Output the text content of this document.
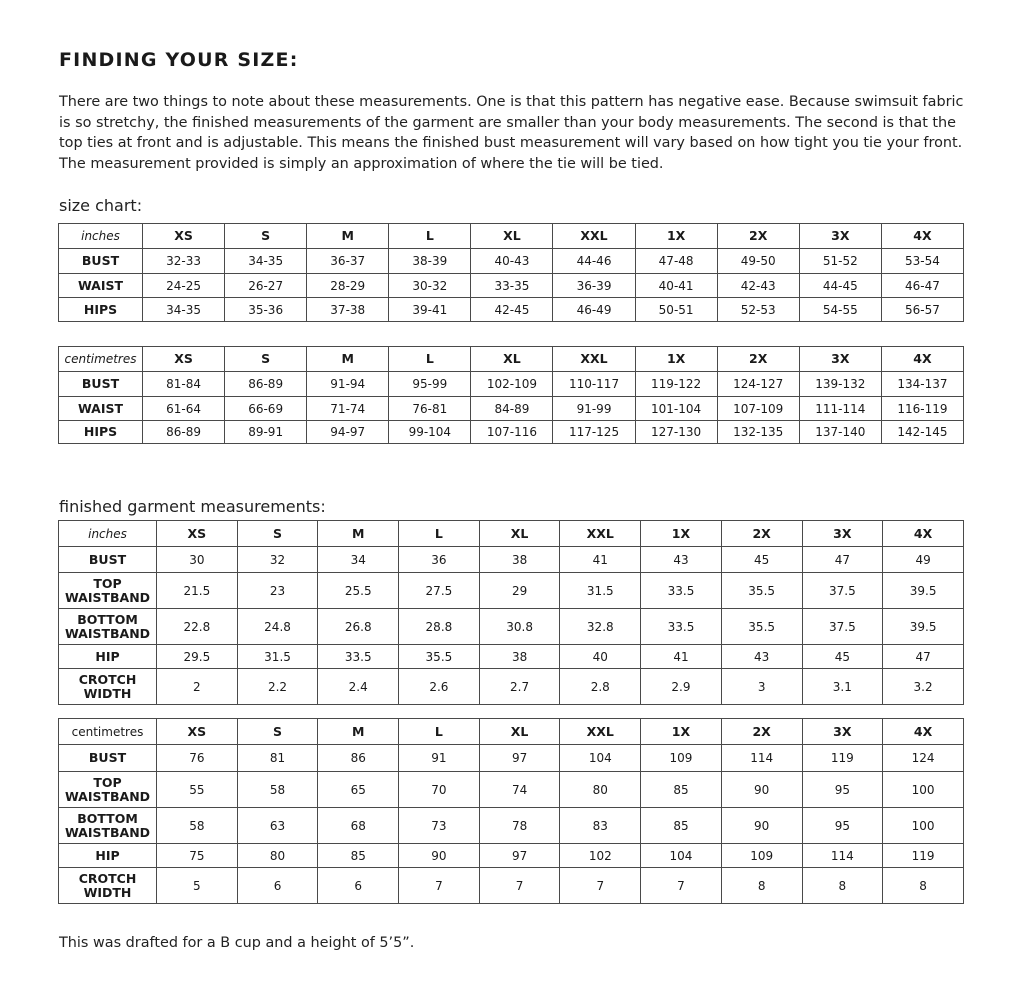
FINDING YOUR SIZE:

There are two things to note about these measurements. One is that this pattern has negative ease. Because swimsuit fabric is so stretchy, the finished measurements of the garment are smaller than your body measurements. The second is that the top ties at front and is adjustable. This means the finished bust measurement will vary based on how tight you tie your front. The measurement provided is simply an approximation of where the tie will be tied.

size chart:

inches	XS	S	M	L	XL	XXL	1X	2X	3X	4X
BUST	32-33	34-35	36-37	38-39	40-43	44-46	47-48	49-50	51-52	53-54
WAIST	24-25	26-27	28-29	30-32	33-35	36-39	40-41	42-43	44-45	46-47
HIPS	34-35	35-36	37-38	39-41	42-45	46-49	50-51	52-53	54-55	56-57
centimetres	XS	S	M	L	XL	XXL	1X	2X	3X	4X
BUST	81-84	86-89	91-94	95-99	102-109	110-117	119-122	124-127	139-132	134-137
WAIST	61-64	66-69	71-74	76-81	84-89	91-99	101-104	107-109	111-114	116-119
HIPS	86-89	89-91	94-97	99-104	107-116	117-125	127-130	132-135	137-140	142-145

finished garment measurements:

inches	XS	S	M	L	XL	XXL	1X	2X	3X	4X
BUST	30	32	34	36	38	41	43	45	47	49
TOP
WAISTBAND	21.5	23	25.5	27.5	29	31.5	33.5	35.5	37.5	39.5
BOTTOM
WAISTBAND	22.8	24.8	26.8	28.8	30.8	32.8	33.5	35.5	37.5	39.5
HIP	29.5	31.5	33.5	35.5	38	40	41	43	45	47
CROTCH
WIDTH	2	2.2	2.4	2.6	2.7	2.8	2.9	3	3.1	3.2
centimetres	XS	S	M	L	XL	XXL	1X	2X	3X	4X
BUST	76	81	86	91	97	104	109	114	119	124
TOP
WAISTBAND	55	58	65	70	74	80	85	90	95	100
BOTTOM
WAISTBAND	58	63	68	73	78	83	85	90	95	100
HIP	75	80	85	90	97	102	104	109	114	119
CROTCH
WIDTH	5	6	6	7	7	7	7	8	8	8

This was drafted for a B cup and a height of 5’5”.
